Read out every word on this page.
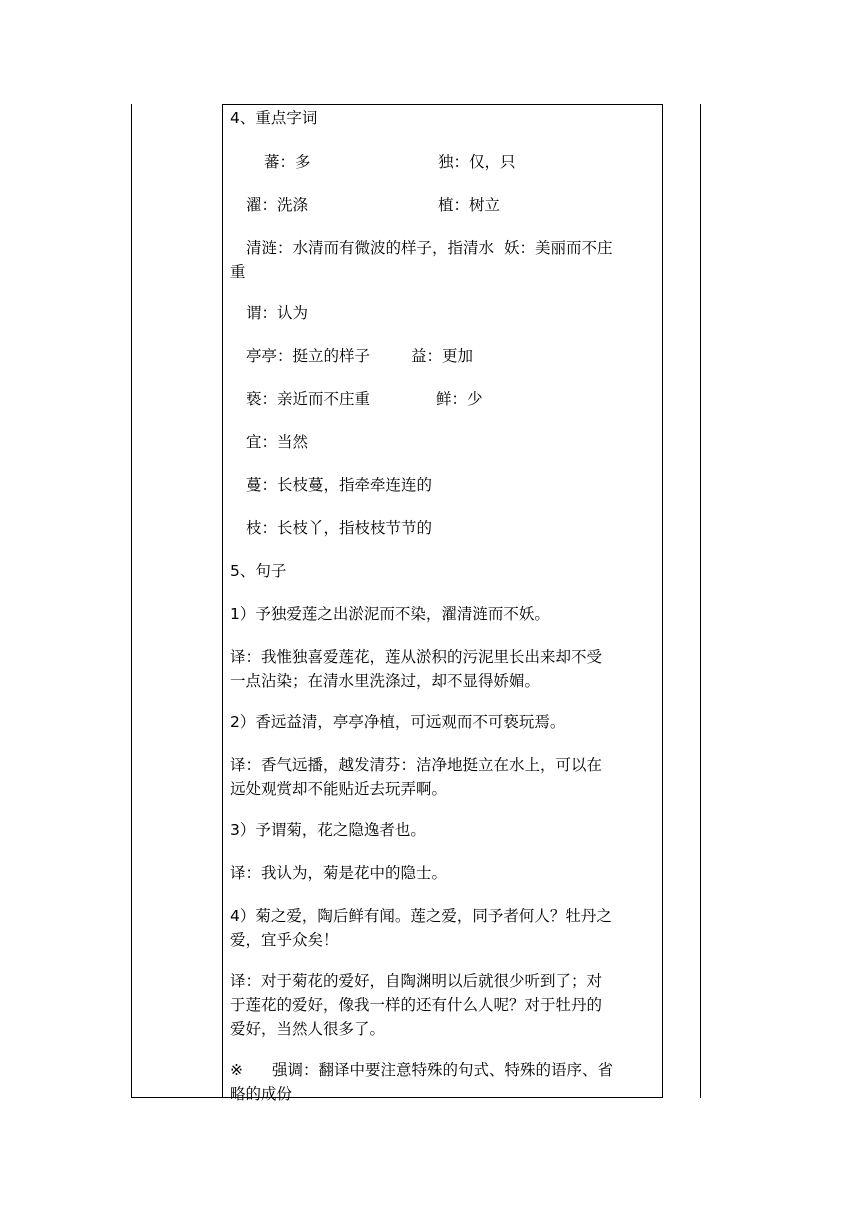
4、重点字词
蕃：多	独：仅，只
濯：洗涤	植：树立
清涟：水清而有微波的样子，指清水 妖：美丽而不庄
重
谓：认为
亭亭：挺立的样子	益：更加
亵：亲近而不庄重	鲜：少
宜：当然
蔓：长枝蔓，指牵牵连连的
枝：长枝丫，指枝枝节节的
5、句子
1）予独爱莲之出淤泥而不染，濯清涟而不妖。
译：我惟独喜爱莲花，莲从淤积的污泥里长出来却不受
一点沾染；在清水里洗涤过，却不显得娇媚。
2）香远益清，亭亭净植，可远观而不可亵玩焉。
译：香气远播，越发清芬：洁净地挺立在水上，可以在
远处观赏却不能贴近去玩弄啊。
3）予谓菊，花之隐逸者也。
译：我认为，菊是花中的隐士。
4）菊之爱，陶后鲜有闻。莲之爱，同予者何人？牡丹之
爱，宜乎众矣！
译：对于菊花的爱好，自陶渊明以后就很少听到了；对
于莲花的爱好，像我一样的还有什么人呢？对于牡丹的
爱好，当然人很多了。
※ 强调：翻译中要注意特殊的句式、特殊的语序、省
略的成份
